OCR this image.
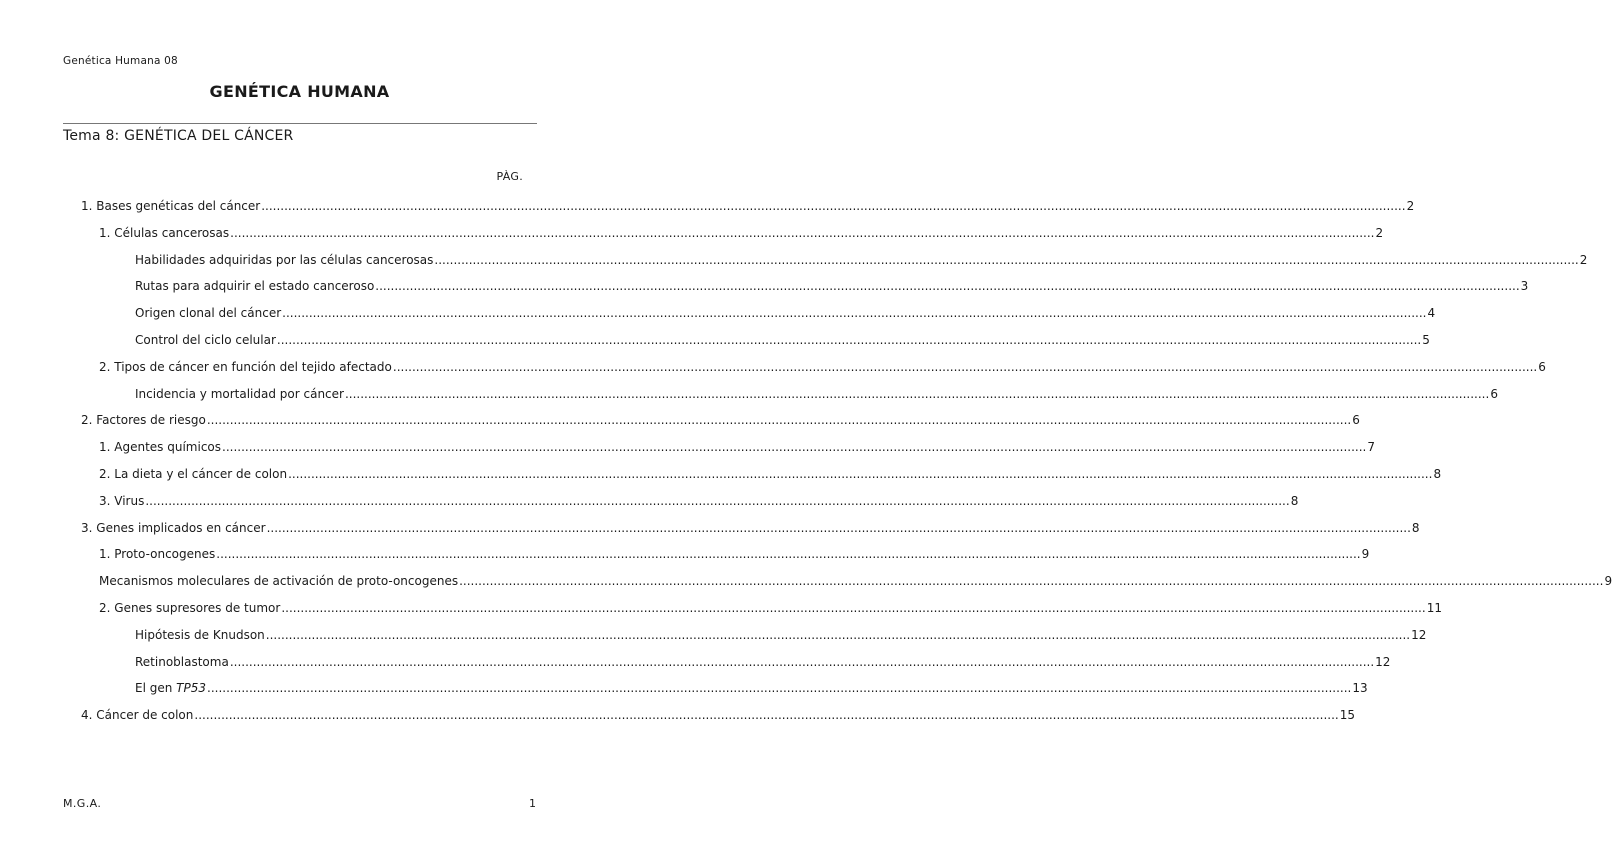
Genética Humana 08
GENÉTICA HUMANA
Tema 8: GENÉTICA DEL CÁNCER
PÀG.
1. Bases genéticas del cáncer ............................................................................................................................................................................................................................................................................................................ 2
1. Células cancerosas ............................................................................................................................................................................................................................................................................................................ 2
Habilidades adquiridas por las células cancerosas ............................................................................................................................................................................................................................................................................................................ 2
Rutas para adquirir el estado canceroso ............................................................................................................................................................................................................................................................................................................ 3
Origen clonal del cáncer ............................................................................................................................................................................................................................................................................................................ 4
Control del ciclo celular ............................................................................................................................................................................................................................................................................................................ 5
2. Tipos de cáncer en función del tejido afectado ............................................................................................................................................................................................................................................................................................................ 6
Incidencia y mortalidad por cáncer ............................................................................................................................................................................................................................................................................................................ 6
2. Factores de riesgo ............................................................................................................................................................................................................................................................................................................ 6
1. Agentes químicos ............................................................................................................................................................................................................................................................................................................ 7
2. La dieta y el cáncer de colon ............................................................................................................................................................................................................................................................................................................ 8
3. Virus ............................................................................................................................................................................................................................................................................................................ 8
3. Genes implicados en cáncer ............................................................................................................................................................................................................................................................................................................ 8
1. Proto-oncogenes ............................................................................................................................................................................................................................................................................................................ 9
Mecanismos moleculares de activación de proto-oncogenes ............................................................................................................................................................................................................................................................................................................ 9
2. Genes supresores de tumor ............................................................................................................................................................................................................................................................................................................ 11
Hipótesis de Knudson ............................................................................................................................................................................................................................................................................................................ 12
Retinoblastoma ............................................................................................................................................................................................................................................................................................................ 12
El gen TP53 ............................................................................................................................................................................................................................................................................................................ 13
4. Cáncer de colon ............................................................................................................................................................................................................................................................................................................ 15
M.G.A.	1
